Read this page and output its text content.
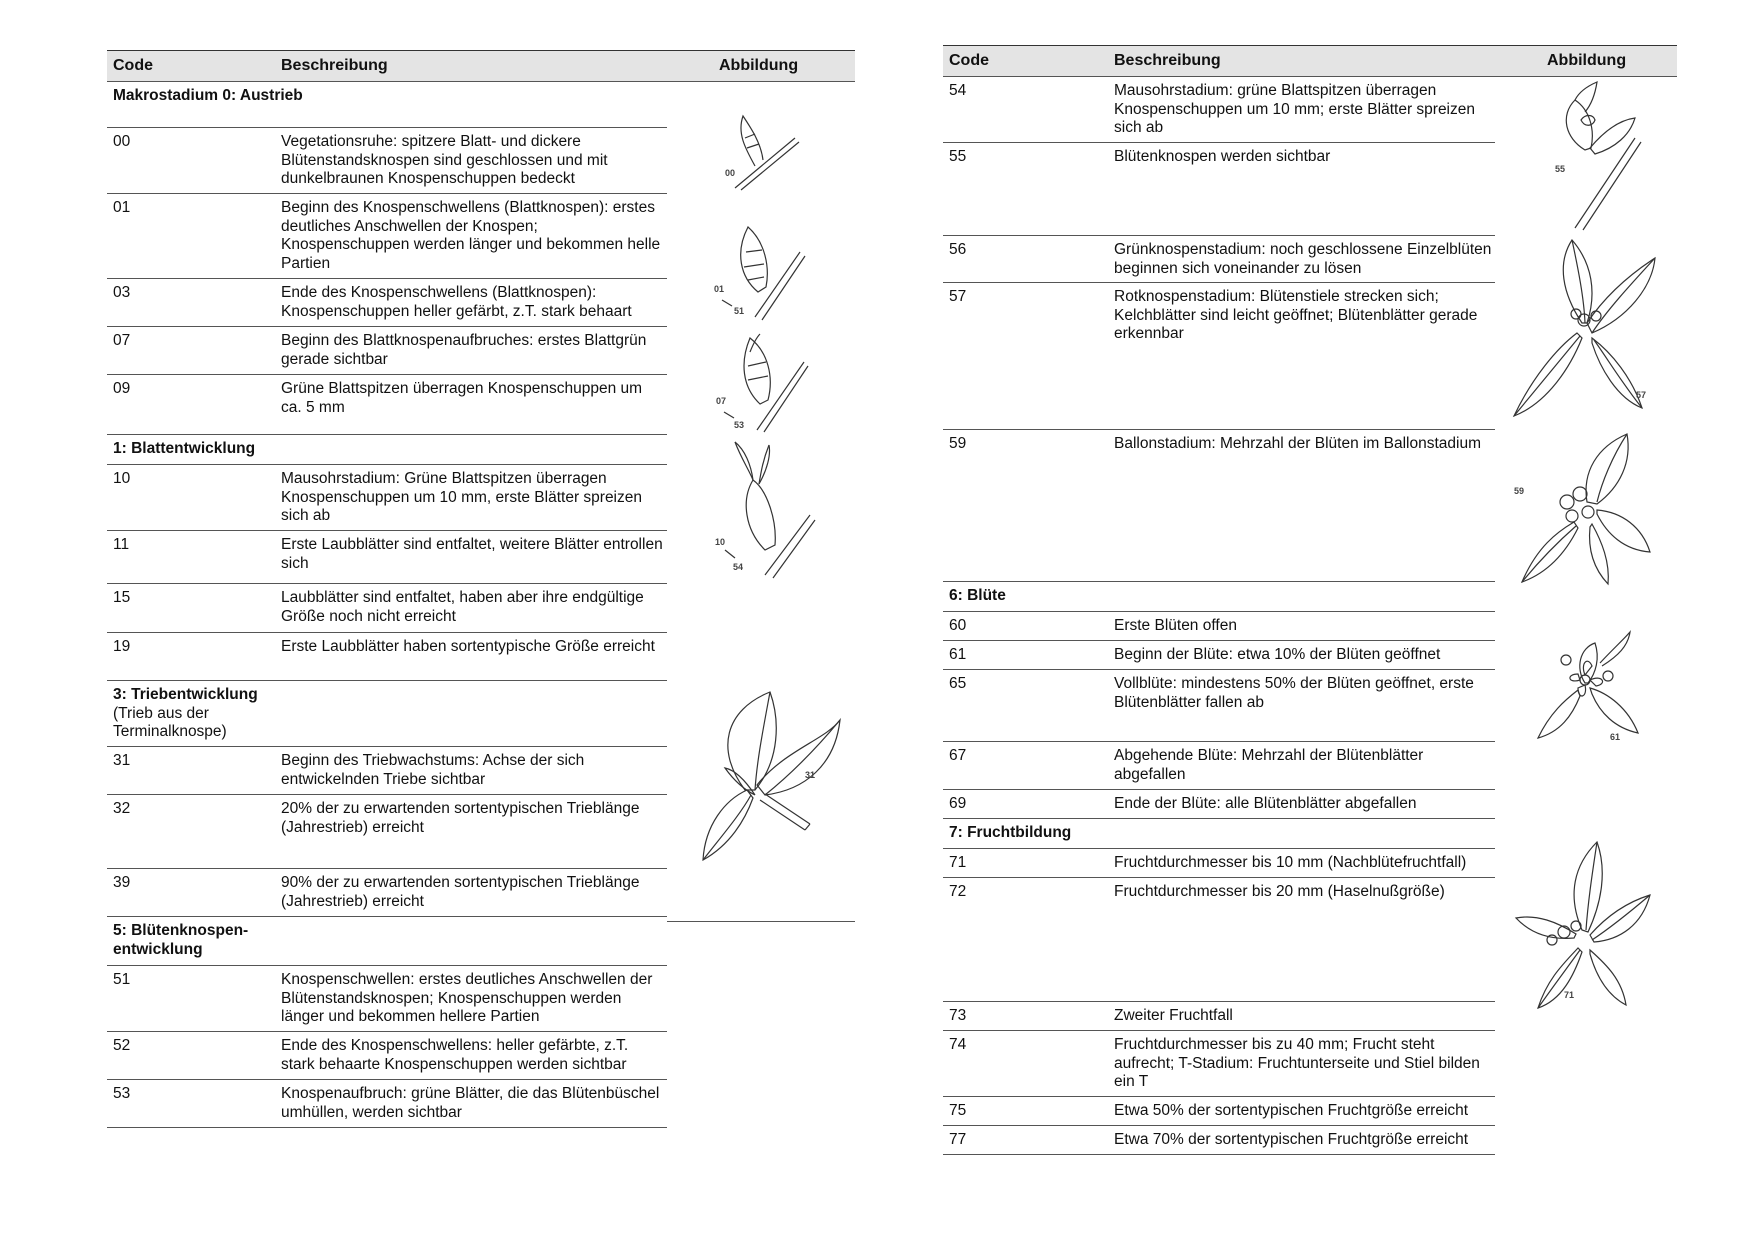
Code	Beschreibung	Abbildung
Makrostadium 0: Austrieb
00	Vegetationsruhe: spitzere Blatt- und dickere Blütenstandsknospen sind geschlossen und mit dunkelbraunen Knospenschuppen bedeckt
01	Beginn des Knospenschwellens (Blattknospen): erstes deutliches Anschwellen der Knospen; Knospenschuppen werden länger und bekommen helle Partien
03	Ende des Knospenschwellens (Blattknospen): Knospenschuppen heller gefärbt, z.T. stark behaart
07	Beginn des Blattknospenaufbruches: erstes Blattgrün gerade sichtbar
09	Grüne Blattspitzen überragen Knospenschuppen um ca. 5 mm
1: Blattentwicklung
10	Mausohrstadium: Grüne Blattspitzen überragen Knospenschuppen um 10 mm, erste Blätter spreizen sich ab
11	Erste Laubblätter sind entfaltet, weitere Blätter entrollen sich
15	Laubblätter sind entfaltet, haben aber ihre endgültige Größe noch nicht erreicht
19	Erste Laubblätter haben sortentypische Größe erreicht
3: Triebentwicklung
(Trieb aus der Terminalknospe)
31	Beginn des Triebwachstums: Achse der sich entwickelnden Triebe sichtbar
32	20% der zu erwartenden sortentypischen Trieblänge (Jahrestrieb) erreicht
39	90% der zu erwartenden sortentypischen Trieblänge (Jahrestrieb) erreicht
5: Blütenknospen-entwicklung
51	Knospenschwellen: erstes deutliches Anschwellen der Blütenstandsknospen; Knospenschuppen werden länger und bekommen hellere Partien
52	Ende des Knospenschwellens: heller gefärbte, z.T. stark behaarte Knospenschuppen werden sichtbar
53	Knospenaufbruch: grüne Blätter, die das Blütenbüschel umhüllen, werden sichtbar
Code	Beschreibung	Abbildung
54	Mausohrstadium: grüne Blattspitzen überragen Knospenschuppen um 10 mm; erste Blätter spreizen sich ab
55	Blütenknospen werden sichtbar
56	Grünknospenstadium: noch geschlossene Einzelblüten beginnen sich voneinander zu lösen
57	Rotknospenstadium: Blütenstiele strecken sich; Kelchblätter sind leicht geöffnet; Blütenblätter gerade erkennbar
59	Ballonstadium: Mehrzahl der Blüten im Ballonstadium
6: Blüte
60	Erste Blüten offen
61	Beginn der Blüte: etwa 10% der Blüten geöffnet
65	Vollblüte: mindestens 50% der Blüten geöffnet, erste Blütenblätter fallen ab
67	Abgehende Blüte: Mehrzahl der Blütenblätter abgefallen
69	Ende der Blüte: alle Blütenblätter abgefallen
7: Fruchtbildung
71	Fruchtdurchmesser bis 10 mm (Nachblütefruchtfall)
72	Fruchtdurchmesser bis 20 mm (Haselnußgröße)
73	Zweiter Fruchtfall
74	Fruchtdurchmesser bis zu 40 mm; Frucht steht aufrecht; T-Stadium: Fruchtunterseite und Stiel bilden ein T
75	Etwa 50% der sortentypischen Fruchtgröße erreicht
77	Etwa 70% der sortentypischen Fruchtgröße erreicht
00
01
51
07
53
10
54
31
55
57
59
61
71
